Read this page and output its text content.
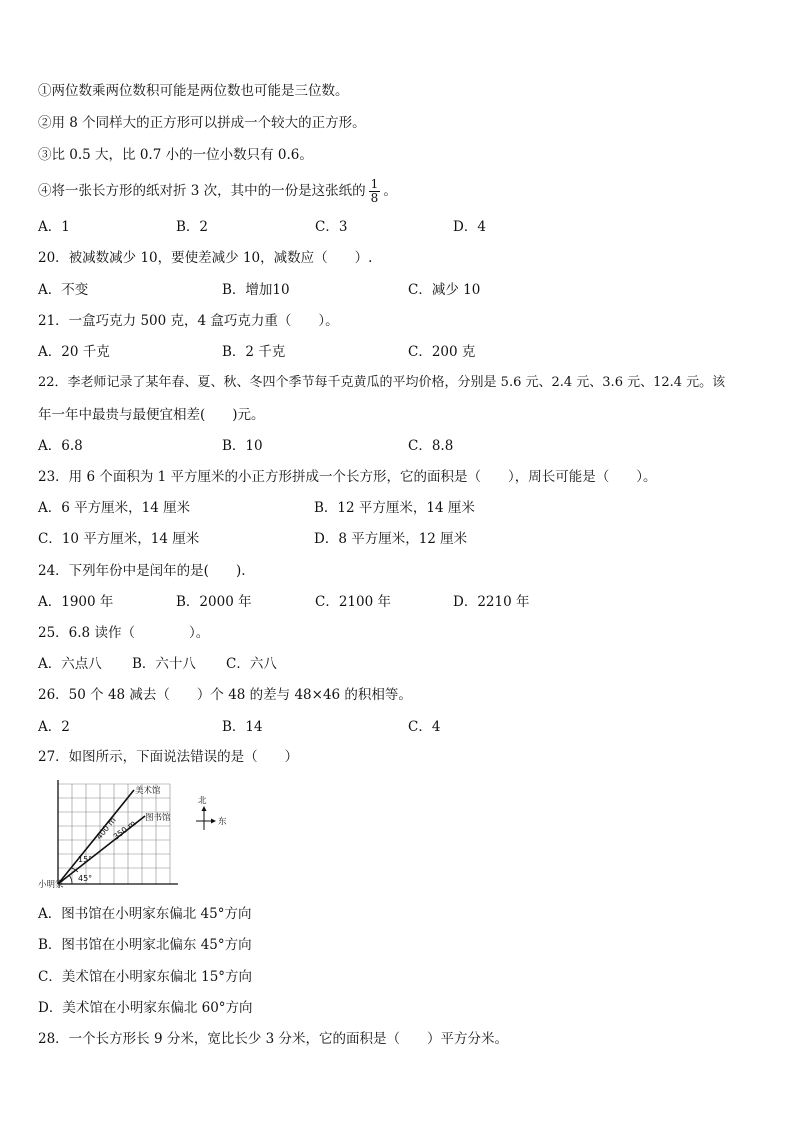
①两位数乘两位数积可能是两位数也可能是三位数。
②用 8 个同样大的正方形可以拼成一个较大的正方形。
③比 0.5 大，比 0.7 小的一位小数只有 0.6。
④将一张长方形的纸对折 3 次，其中的一份是这张纸的 $\frac{1}{8}$ 。
A．1	B．2	C．3	D．4
20．被减数减少 10，要使差减少 10，减数应（　　）.
A．不变	B．增加10	C．减少 10
21．一盒巧克力 500 克，4 盒巧克力重（　　）。
A．20 千克	B．2 千克	C．200 克
22．李老师记录了某年春、夏、秋、冬四个季节每千克黄瓜的平均价格，分别是 5.6 元、2.4 元、3.6 元、12.4 元。该
年一年中最贵与最便宜相差(　　)元。
A．6.8	B．10	C．8.8
23．用 6 个面积为 1 平方厘米的小正方形拼成一个长方形，它的面积是（　　），周长可能是（　　）。
A．6 平方厘米，14 厘米	B．12 平方厘米，14 厘米
C．10 平方厘米，14 厘米	D．8 平方厘米，12 厘米
24．下列年份中是闰年的是(　　).
A．1900 年	B．2000 年	C．2100 年	D．2210 年
25．6.8 读作（　　　　）。
A．六点八 B．六十八 C．六八
26．50 个 48 减去（　　）个 48 的差与 48×46 的积相等。
A．2	B．14	C．4
27．如图所示，下面说法错误的是（　　）
美术馆
图书馆
小明家
400 m
350 m
15°
45°
北
东
A．图书馆在小明家东偏北 45°方向
B．图书馆在小明家北偏东 45°方向
C．美术馆在小明家东偏北 15°方向
D．美术馆在小明家东偏北 60°方向
28．一个长方形长 9 分米，宽比长少 3 分米，它的面积是（　　）平方分米。
